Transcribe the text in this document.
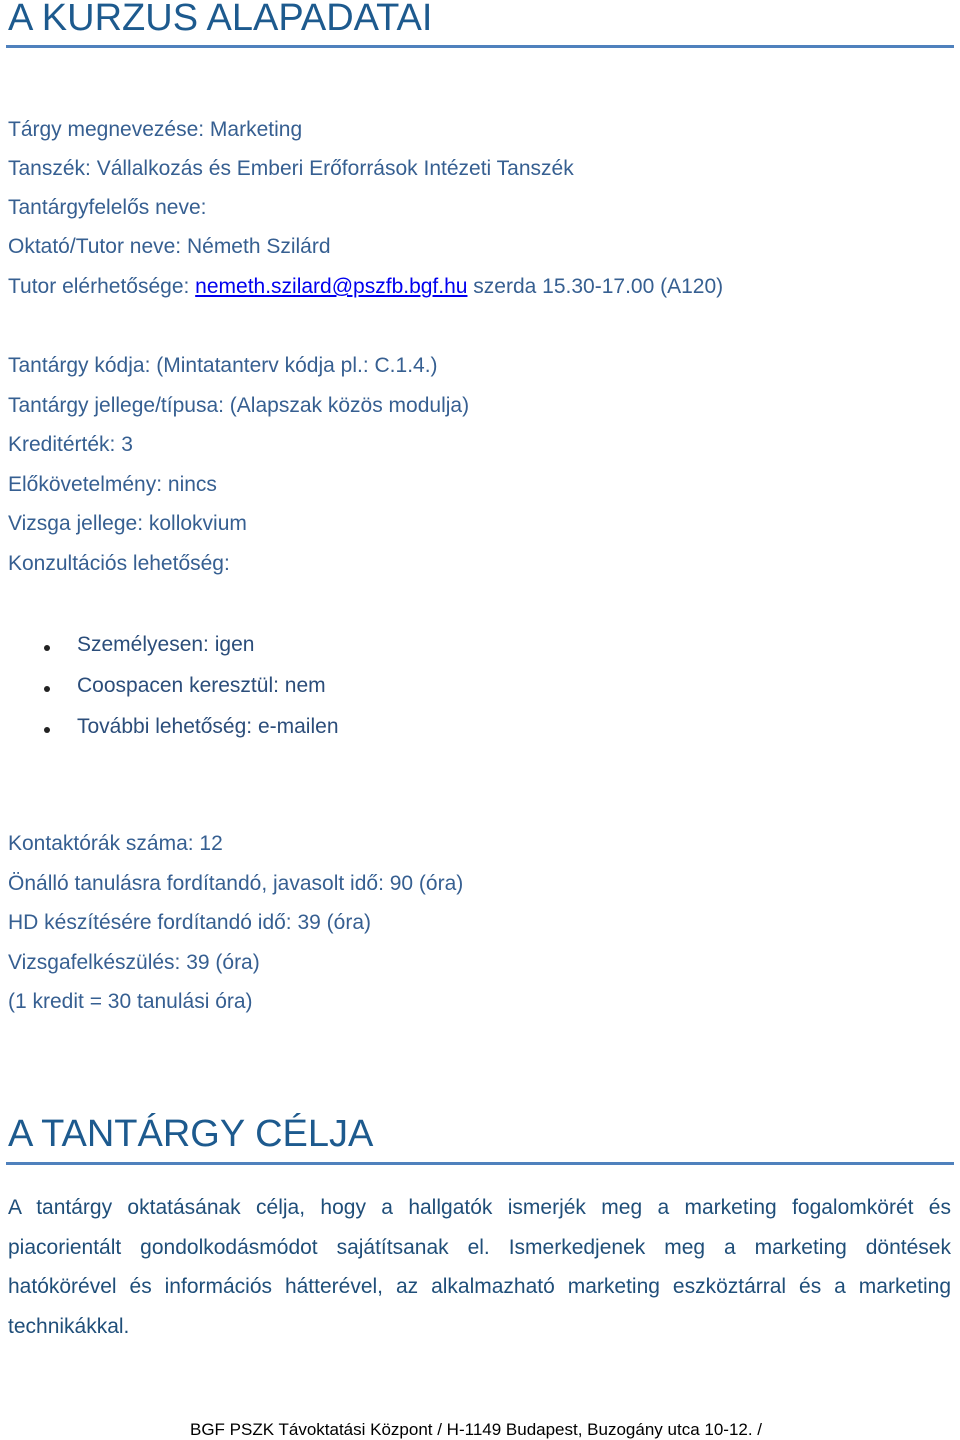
A KURZUS ALAPADATAI
Tárgy megnevezése: Marketing
Tanszék: Vállalkozás és Emberi Erőforrások Intézeti Tanszék
Tantárgyfelelős neve:
Oktató/Tutor neve: Németh Szilárd
Tutor elérhetősége: nemeth.szilard@pszfb.bgf.hu szerda 15.30-17.00 (A120)
Tantárgy kódja: (Mintatanterv kódja pl.: C.1.4.)
Tantárgy jellege/típusa: (Alapszak közös modulja)
Kreditérték: 3
Előkövetelmény: nincs
Vizsga jellege: kollokvium
Konzultációs lehetőség:
Személyesen: igen
Coospacen keresztül: nem
További lehetőség: e-mailen
Kontaktórák száma: 12
Önálló tanulásra fordítandó, javasolt idő: 90 (óra)
HD készítésére fordítandó idő: 39 (óra)
Vizsgafelkészülés: 39 (óra)
(1 kredit = 30 tanulási óra)
A TANTÁRGY CÉLJA

A tantárgy oktatásának célja, hogy a hallgatók ismerjék meg a marketing fogalomkörét és piacorientált gondolkodásmódot sajátítsanak el. Ismerkedjenek meg a marketing döntések hatókörével és információs hátterével, az alkalmazható marketing eszköztárral és a marketing technikákkal.

BGF PSZK Távoktatási Központ / H-1149 Budapest, Buzogány utca 10-12. /
